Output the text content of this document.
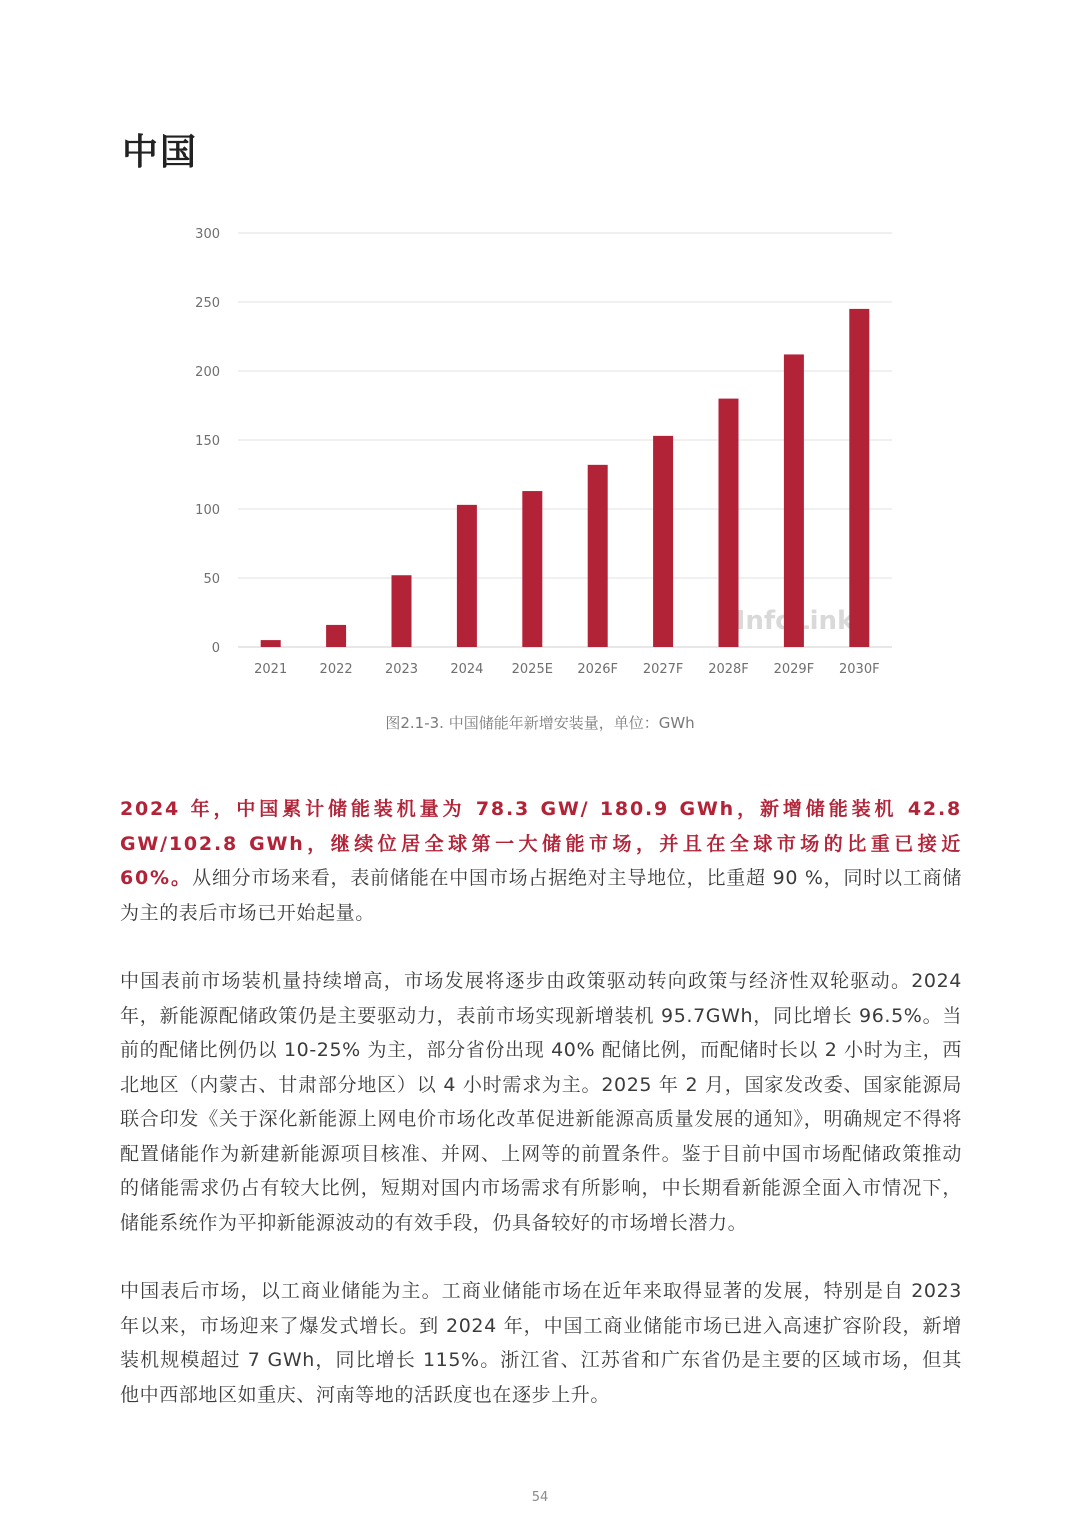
中国
0
50
100
150
200
250
300
2021 2022 2023 2024 2025E 2026F 2027F 2028F 2029F 2030F
图2.1-3. 中国储能年新增安装量，单位：GWh

2024 年，中国累计储能装机量为 78.3 GW/ 180.9 GWh，新增储能装机 42.8 GW/102.8 GWh，继续位居全球第一大储能市场，并且在全球市场的比重已接近 60%。从细分市场来看，表前储能在中国市场占据绝对主导地位，比重超 90 %，同时以工商储为主的表后市场已开始起量。

中国表前市场装机量持续增高，市场发展将逐步由政策驱动转向政策与经济性双轮驱动。2024 年，新能源配储政策仍是主要驱动力，表前市场实现新增装机 95.7GWh，同比增长 96.5%。当前的配储比例仍以 10-25% 为主，部分省份出现 40% 配储比例，而配储时长以 2 小时为主，西北地区（内蒙古、甘肃部分地区）以 4 小时需求为主。2025 年 2 月，国家发改委、国家能源局联合印发《关于深化新能源上网电价市场化改革促进新能源高质量发展的通知》，明确规定不得将配置储能作为新建新能源项目核准、并网、上网等的前置条件。鉴于目前中国市场配储政策推动的储能需求仍占有较大比例，短期对国内市场需求有所影响，中长期看新能源全面入市情况下，储能系统作为平抑新能源波动的有效手段，仍具备较好的市场增长潜力。

中国表后市场，以工商业储能为主。工商业储能市场在近年来取得显著的发展，特别是自 2023 年以来，市场迎来了爆发式增长。到 2024 年，中国工商业储能市场已进入高速扩容阶段，新增装机规模超过 7 GWh，同比增长 115%。浙江省、江苏省和广东省仍是主要的区域市场，但其他中西部地区如重庆、河南等地的活跃度也在逐步上升。

54
